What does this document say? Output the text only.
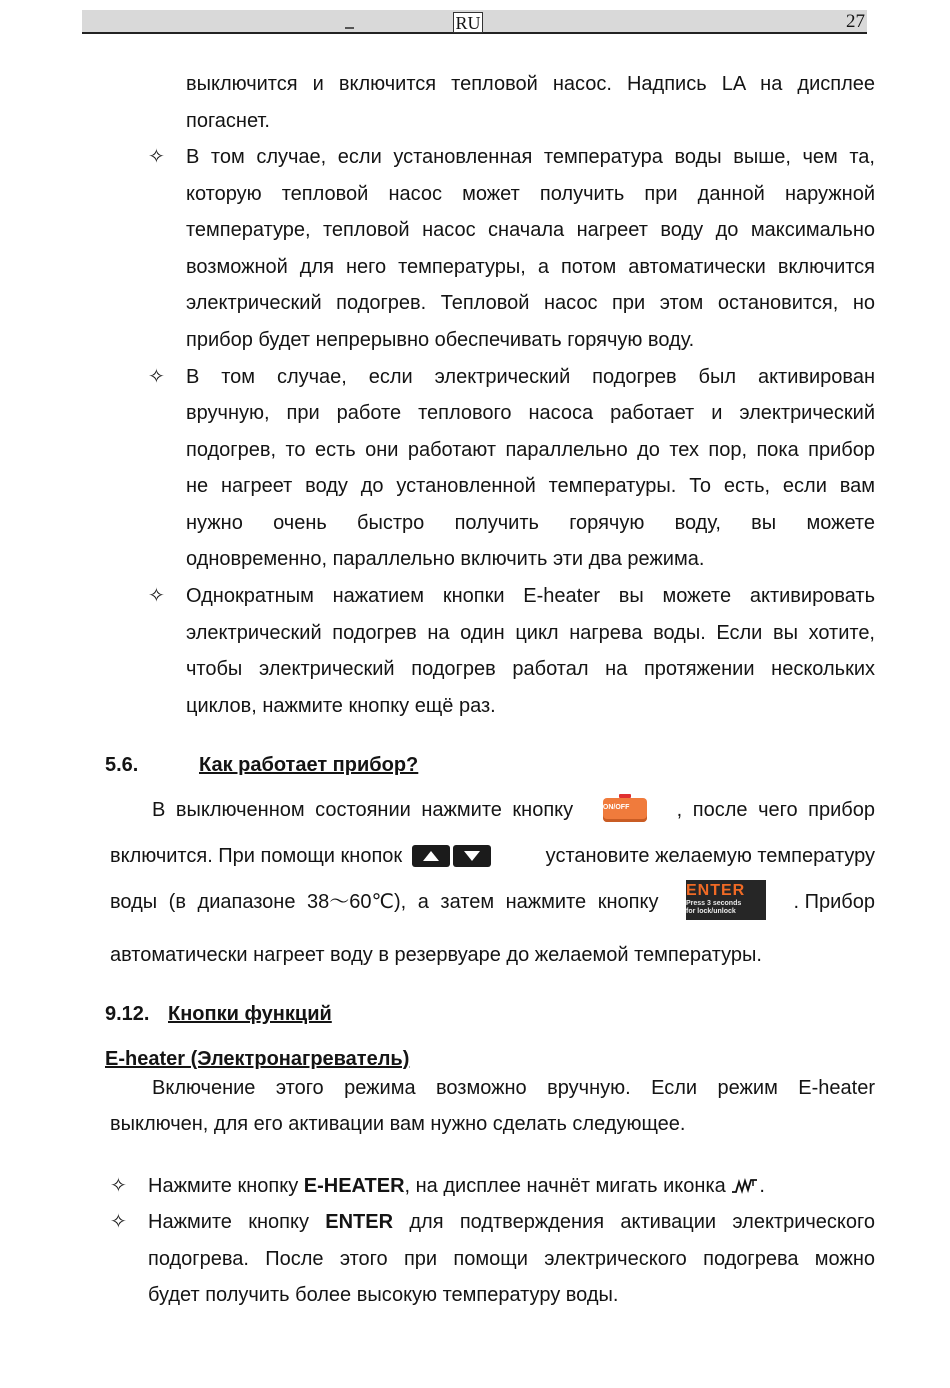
RU	27
выключится и включится тепловой насос. Надпись LA на дисплее
погаснет.
✧ В том случае, если установленная температура воды выше, чем та,
которую тепловой насос может получить при данной наружной
температуре, тепловой насос сначала нагреет воду до максимально
возможной для него температуры, а потом автоматически включится
электрический подогрев. Тепловой насос при этом остановится, но
прибор будет непрерывно обеспечивать горячую воду.
✧ В том случае, если электрический подогрев был активирован
вручную, при работе теплового насоса работает и электрический
подогрев, то есть они работают параллельно до тех пор, пока прибор
не нагреет воду до установленной температуры. То есть, если вам
нужно очень быстро получить горячую воду, вы можете
одновременно, параллельно включить эти два режима.
✧ Однократным нажатием кнопки E-heater вы можете активировать
электрический подогрев на один цикл нагрева воды. Если вы хотите,
чтобы электрический подогрев работал на протяжении нескольких
циклов, нажмите кнопку ещё раз.
5.6.	Как работает прибор?
В выключенном состоянии нажмите кнопку	ON/OFF	, после чего прибор
включится. При помощи кнопок	установите желаемую температуру
воды (в диапазоне 38～60℃), а затем нажмите кнопку
ENTER
Press 3 seconds
for lock/unlock	. Прибор
автоматически нагреет воду в резервуаре до желаемой температуры.
9.12. Кнопки функций
E-heater (Электронагреватель)
Включение этого режима возможно вручную. Если режим E-heater
выключен, для его активации вам нужно сделать следующее.
✧ Нажмите кнопку E-HEATER, на дисплее начнёт мигать иконка .
✧ Нажмите кнопку ENTER для подтверждения активации электрического
подогрева. После этого при помощи электрического подогрева можно
будет получить более высокую температуру воды.
